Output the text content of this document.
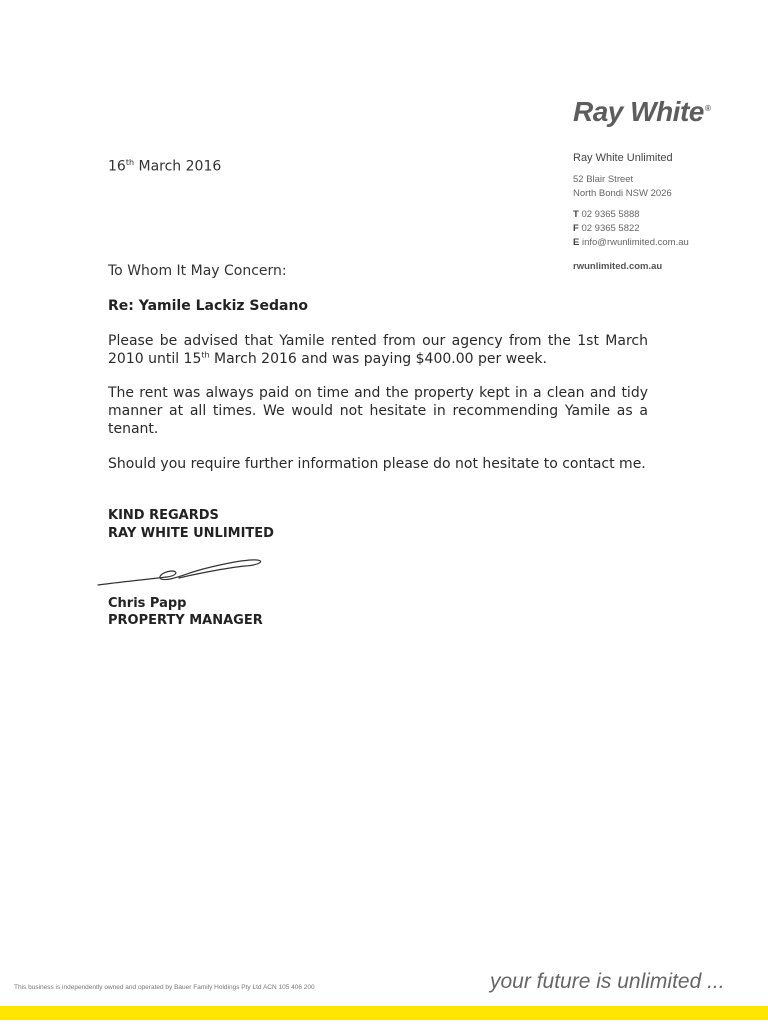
Ray White®
Ray White Unlimited
52 Blair Street
North Bondi NSW 2026
T 02 9365 5888
F 02 9365 5822
E info@rwunlimited.com.au
rwunlimited.com.au
16th March 2016
To Whom It May Concern:
Re: Yamile Lackiz Sedano
Please be advised that Yamile rented from our agency from the 1st March 2010 until 15th March 2016 and was paying $400.00 per week.
The rent was always paid on time and the property kept in a clean and tidy manner at all times. We would not hesitate in recommending Yamile as a tenant.
Should you require further information please do not hesitate to contact me.
KIND REGARDS
RAY WHITE UNLIMITED
Chris Papp
PROPERTY MANAGER
This business is independently owned and operated by Bauer Family Holdings Pty Ltd ACN 105 406 200	your future is unlimited ...
